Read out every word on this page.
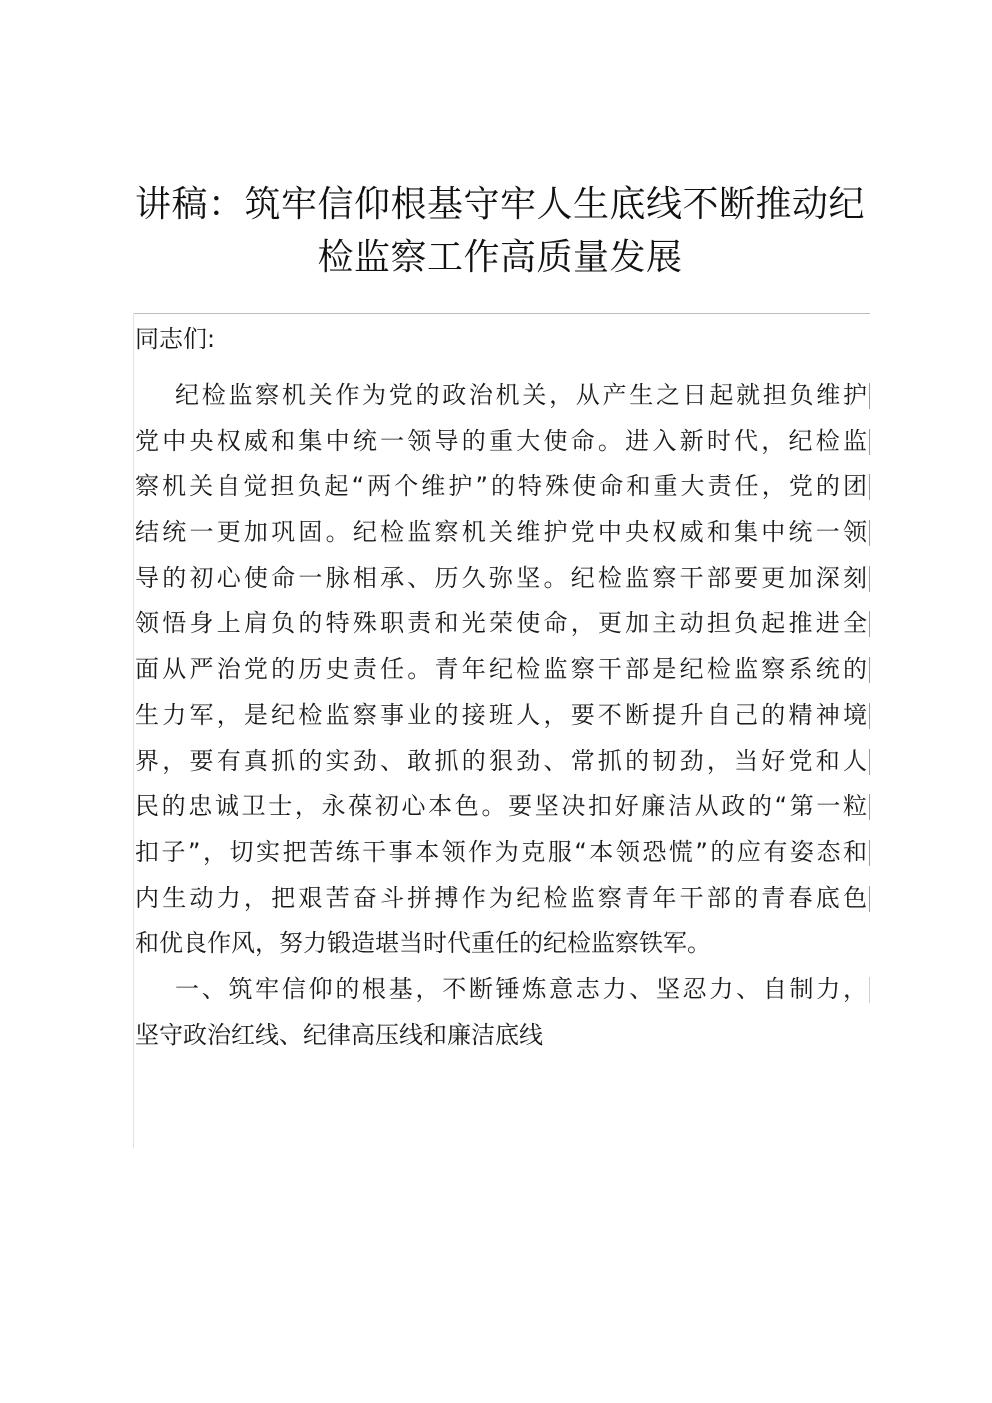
讲稿：筑牢信仰根基守牢人生底线不断推动纪
检监察工作高质量发展

同志们:

纪检监察机关作为党的政治机关，从产生之日起就担负维护
党中央权威和集中统一领导的重大使命。进入新时代，纪检监
察机关自觉担负起“两个维护”的特殊使命和重大责任，党的团
结统一更加巩固。纪检监察机关维护党中央权威和集中统一领
导的初心使命一脉相承、历久弥坚。纪检监察干部要更加深刻
领悟身上肩负的特殊职责和光荣使命，更加主动担负起推进全
面从严治党的历史责任。青年纪检监察干部是纪检监察系统的
生力军，是纪检监察事业的接班人，要不断提升自己的精神境
界，要有真抓的实劲、敢抓的狠劲、常抓的韧劲，当好党和人
民的忠诚卫士，永葆初心本色。要坚决扣好廉洁从政的“第一粒
扣子”，切实把苦练干事本领作为克服“本领恐慌”的应有姿态和
内生动力，把艰苦奋斗拼搏作为纪检监察青年干部的青春底色
和优良作风，努力锻造堪当时代重任的纪检监察铁军。
一、筑牢信仰的根基，不断锤炼意志力、坚忍力、自制力，
坚守政治红线、纪律高压线和廉洁底线
